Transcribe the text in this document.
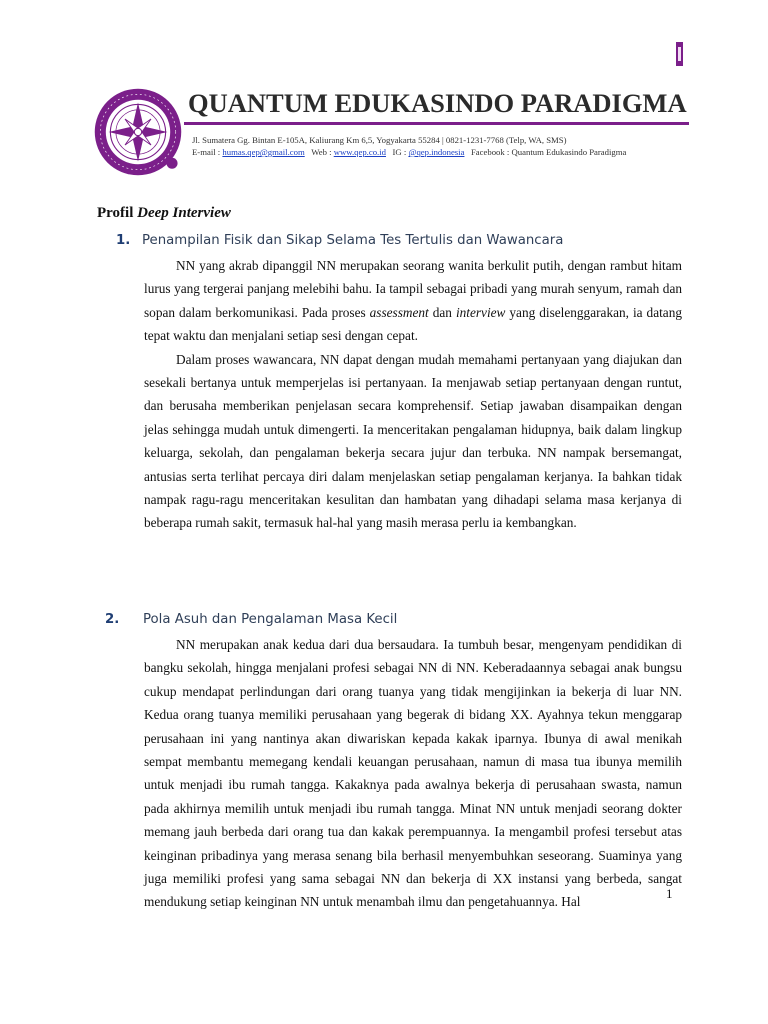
QUANTUM EDUKASINDO PARADIGMA

Jl. Sumatera Gg. Bintan E-105A, Kaliurang Km 6,5, Yogyakarta 55284 | 0821-1231-7768 (Telp, WA, SMS)

E-mail : humas.qep@gmail.com Web : www.qep.co.id IG : @qep.indonesia Facebook : Quantum Edukasindo Paradigma

Profil Deep Interview
1. Penampilan Fisik dan Sikap Selama Tes Tertulis dan Wawancara

NN yang akrab dipanggil NN merupakan seorang wanita berkulit putih, dengan rambut hitam lurus yang tergerai panjang melebihi bahu. Ia tampil sebagai pribadi yang murah senyum, ramah dan sopan dalam berkomunikasi. Pada proses assessment dan interview yang diselenggarakan, ia datang tepat waktu dan menjalani setiap sesi dengan cepat.

Dalam proses wawancara, NN dapat dengan mudah memahami pertanyaan yang diajukan dan sesekali bertanya untuk memperjelas isi pertanyaan. Ia menjawab setiap pertanyaan dengan runtut, dan berusaha memberikan penjelasan secara komprehensif. Setiap jawaban disampaikan dengan jelas sehingga mudah untuk dimengerti. Ia menceritakan pengalaman hidupnya, baik dalam lingkup keluarga, sekolah, dan pengalaman bekerja secara jujur dan terbuka. NN nampak bersemangat, antusias serta terlihat percaya diri dalam menjelaskan setiap pengalaman kerjanya. Ia bahkan tidak nampak ragu-ragu menceritakan kesulitan dan hambatan yang dihadapi selama masa kerjanya di beberapa rumah sakit, termasuk hal-hal yang masih merasa perlu ia kembangkan.

2. Pola Asuh dan Pengalaman Masa Kecil

NN merupakan anak kedua dari dua bersaudara. Ia tumbuh besar, mengenyam pendidikan di bangku sekolah, hingga menjalani profesi sebagai NN di NN. Keberadaannya sebagai anak bungsu cukup mendapat perlindungan dari orang tuanya yang tidak mengijinkan ia bekerja di luar NN. Kedua orang tuanya memiliki perusahaan yang begerak di bidang XX. Ayahnya tekun menggarap perusahaan ini yang nantinya akan diwariskan kepada kakak iparnya. Ibunya di awal menikah sempat membantu memegang kendali keuangan perusahaan, namun di masa tua ibunya memilih untuk menjadi ibu rumah tangga. Kakaknya pada awalnya bekerja di perusahaan swasta, namun pada akhirnya memilih untuk menjadi ibu rumah tangga. Minat NN untuk menjadi seorang dokter memang jauh berbeda dari orang tua dan kakak perempuannya. Ia mengambil profesi tersebut atas keinginan pribadinya yang merasa senang bila berhasil menyembuhkan seseorang. Suaminya yang juga memiliki profesi yang sama sebagai NN dan bekerja di XX instansi yang berbeda, sangat mendukung setiap keinginan NN untuk menambah ilmu dan pengetahuannya. Hal

1
